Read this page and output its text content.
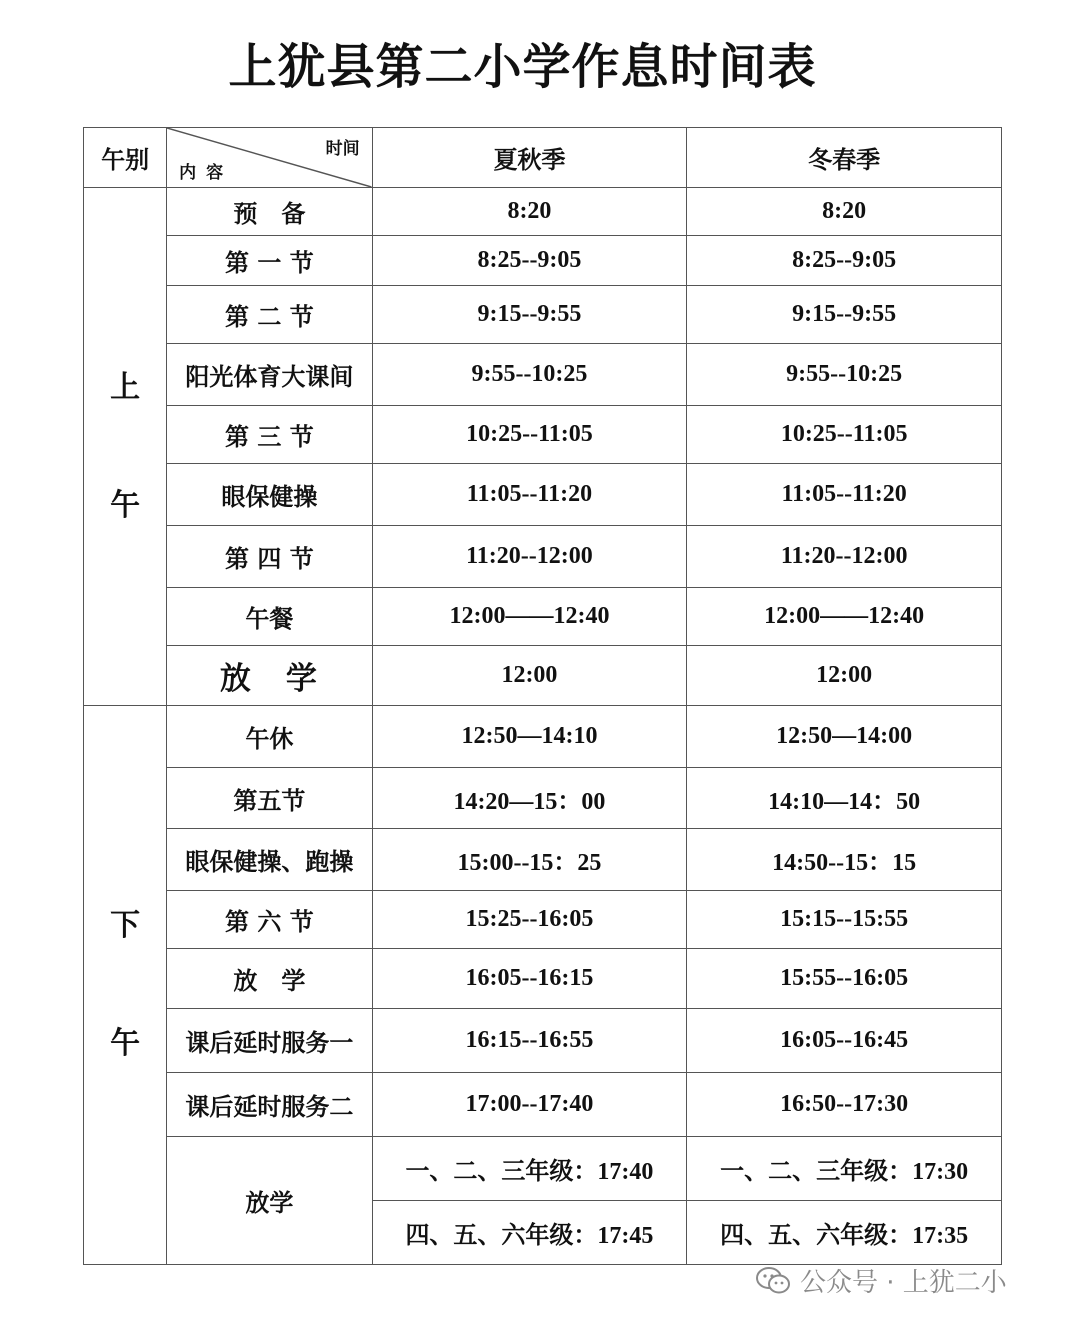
上犹县第二小学作息时间表
午别	时间
内容	夏秋季	冬春季
上
午	预　备	8:20	8:20
	第 一 节	8:25--9:05	8:25--9:05
	第 二 节	9:15--9:55	9:15--9:55
	阳光体育大课间	9:55--10:25	9:55--10:25
	第 三 节	10:25--11:05	10:25--11:05
	眼保健操	11:05--11:20	11:05--11:20
	第 四 节	11:20--12:00	11:20--12:00
	午餐	12:00——12:40	12:00——12:40
	放　学	12:00	12:00
下
午	午休	12:50—14:10	12:50—14:00
	第五节	14:20—15：00	14:10—14：50
	眼保健操、跑操	15:00--15：25	14:50--15：15
	第 六 节	15:25--16:05	15:15--15:55
	放　学	16:05--16:15	15:55--16:05
	课后延时服务一	16:15--16:55	16:05--16:45
	课后延时服务二	17:00--17:40	16:50--17:30
	放学	一、二、三年级：17:40	一、二、三年级：17:30
		四、五、六年级：17:45	四、五、六年级：17:35
公众号 · 上犹二小
